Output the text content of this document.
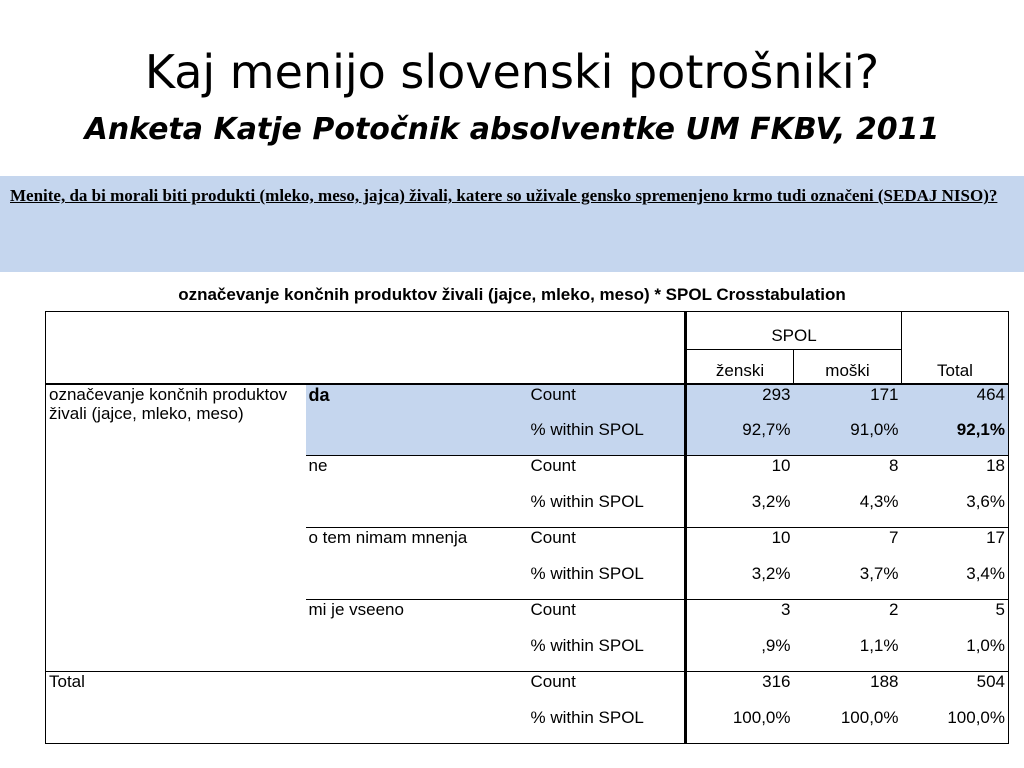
Kaj menijo slovenski potrošniki?
Anketa Katje Potočnik absolventke UM FKBV, 2011
Menite, da bi morali biti produkti (mleko, meso, jajca) živali, katere so uživale gensko spremenjeno krmo tudi označeni (SEDAJ NISO)?
označevanje končnih produktov živali (jajce, mleko, meso) * SPOL Crosstabulation
			SPOL		Total
			ženski	moški	
označevanje končnih produktov živali (jajce, mleko, meso)	da	Count	293	171	464
		% within SPOL	92,7%	91,0%	92,1%
	ne	Count	10	8	18
		% within SPOL	3,2%	4,3%	3,6%
	o tem nimam mnenja	Count	10	7	17
		% within SPOL	3,2%	3,7%	3,4%
	mi je vseeno	Count	3	2	5
		% within SPOL	,9%	1,1%	1,0%
Total		Count	316	188	504
		% within SPOL	100,0%	100,0%	100,0%
